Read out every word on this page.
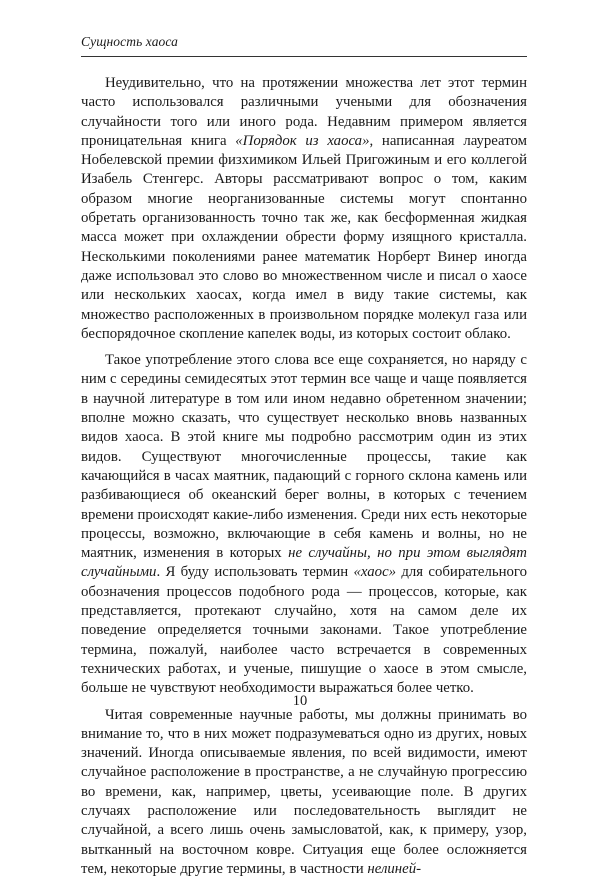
Сущность хаоса

Неудивительно, что на протяжении множества лет этот термин часто использовался различными учеными для обозначения случайности того или иного рода. Недавним примером является проницательная книга «Порядок из хаоса», написанная лауреатом Нобелевской премии физхимиком Ильей Пригожиным и его коллегой Изабель Стенгерс. Авторы рассматривают вопрос о том, каким образом многие неорганизованные системы могут спонтанно обретать организованность точно так же, как бесформенная жидкая масса может при охлаждении обрести форму изящного кристалла. Несколькими поколениями ранее математик Норберт Винер иногда даже использовал это слово во множественном числе и писал о хаосе или нескольких хаосах, когда имел в виду такие системы, как множество расположенных в произвольном порядке молекул газа или беспорядочное скопление капелек воды, из которых состоит облако.

Такое употребление этого слова все еще сохраняется, но наряду с ним с середины семидесятых этот термин все чаще и чаще появляется в научной литературе в том или ином недавно обретенном значении; вполне можно сказать, что существует несколько вновь названных видов хаоса. В этой книге мы подробно рассмотрим один из этих видов. Существуют многочисленные процессы, такие как качающийся в часах маятник, падающий с горного склона камень или разбивающиеся об океанский берег волны, в которых с течением времени происходят какие-либо изменения. Среди них есть некоторые процессы, возможно, включающие в себя камень и волны, но не маятник, изменения в которых не случайны, но при этом выглядят случайными. Я буду использовать термин «хаос» для собирательного обозначения процессов подобного рода — процессов, которые, как представляется, протекают случайно, хотя на самом деле их поведение определяется точными законами. Такое употребление термина, пожалуй, наиболее часто встречается в современных технических работах, и ученые, пишущие о хаосе в этом смысле, больше не чувствуют необходимости выражаться более четко.

Читая современные научные работы, мы должны принимать во внимание то, что в них может подразумеваться одно из других, новых значений. Иногда описываемые явления, по всей видимости, имеют случайное расположение в пространстве, а не случайную прогрессию во времени, как, например, цветы, усеивающие поле. В других случаях расположение или последовательность выглядит не случайной, а всего лишь очень замысловатой, как, к примеру, узор, вытканный на восточном ковре. Ситуация еще более осложняется тем, некоторые другие термины, в частности нелиней-

10
